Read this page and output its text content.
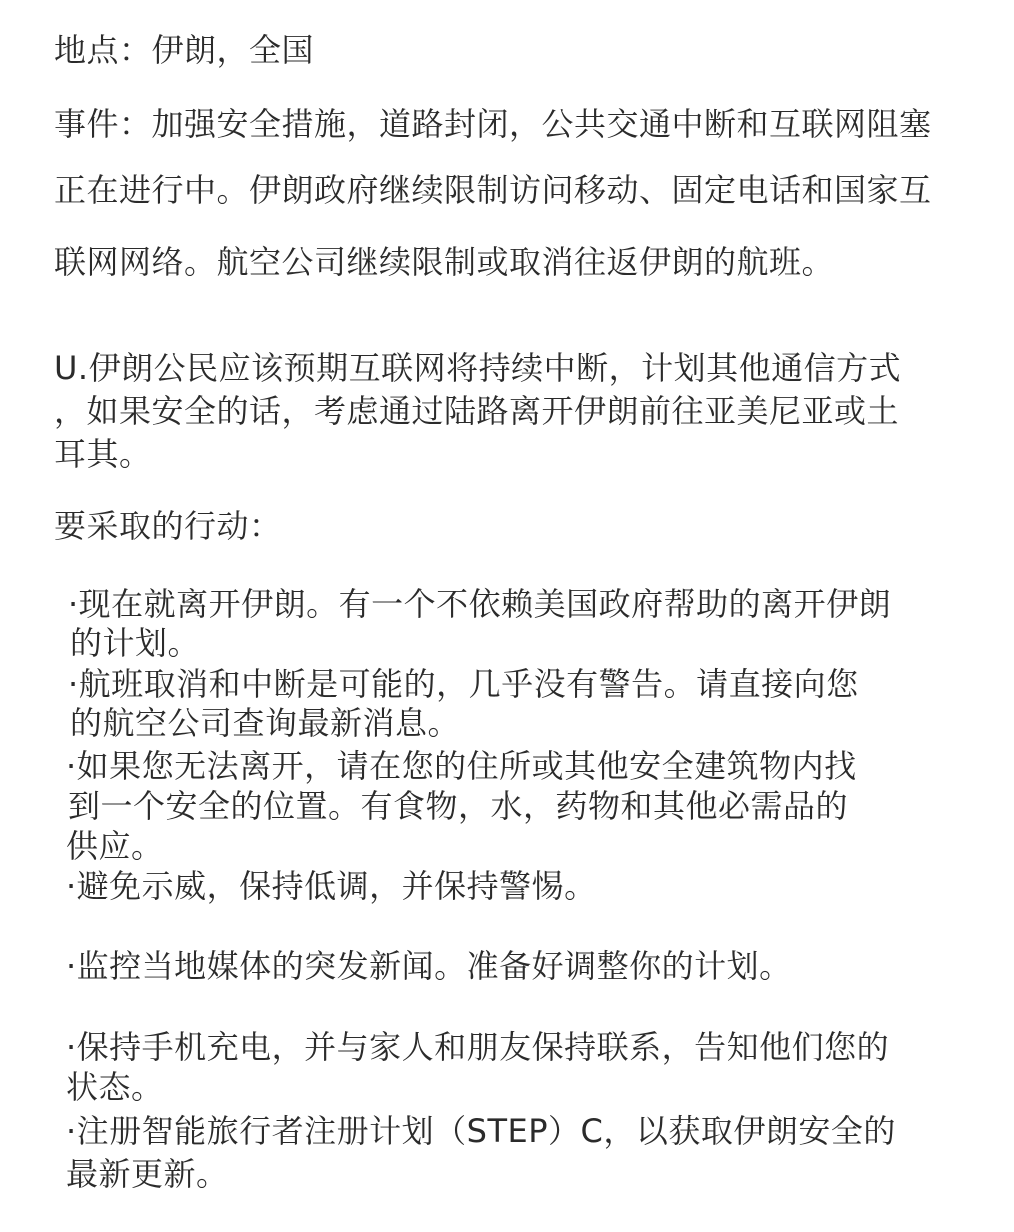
地点：伊朗，全国
事件：加强安全措施，道路封闭，公共交通中断和互联网阻塞
正在进行中。伊朗政府继续限制访问移动、固定电话和国家互
联网网络。航空公司继续限制或取消往返伊朗的航班。
U.伊朗公民应该预期互联网将持续中断，计划其他通信方式
，如果安全的话，考虑通过陆路离开伊朗前往亚美尼亚或土
耳其。
要采取的行动：
·现在就离开伊朗。有一个不依赖美国政府帮助的离开伊朗
的计划。
·航班取消和中断是可能的，几乎没有警告。请直接向您
的航空公司查询最新消息。
·如果您无法离开，请在您的住所或其他安全建筑物内找
到一个安全的位置。有食物，水，药物和其他必需品的
供应。
·避免示威，保持低调，并保持警惕。
·监控当地媒体的突发新闻。准备好调整你的计划。
·保持手机充电，并与家人和朋友保持联系，告知他们您的
状态。
·注册智能旅行者注册计划（STEP）C，以获取伊朗安全的
最新更新。
